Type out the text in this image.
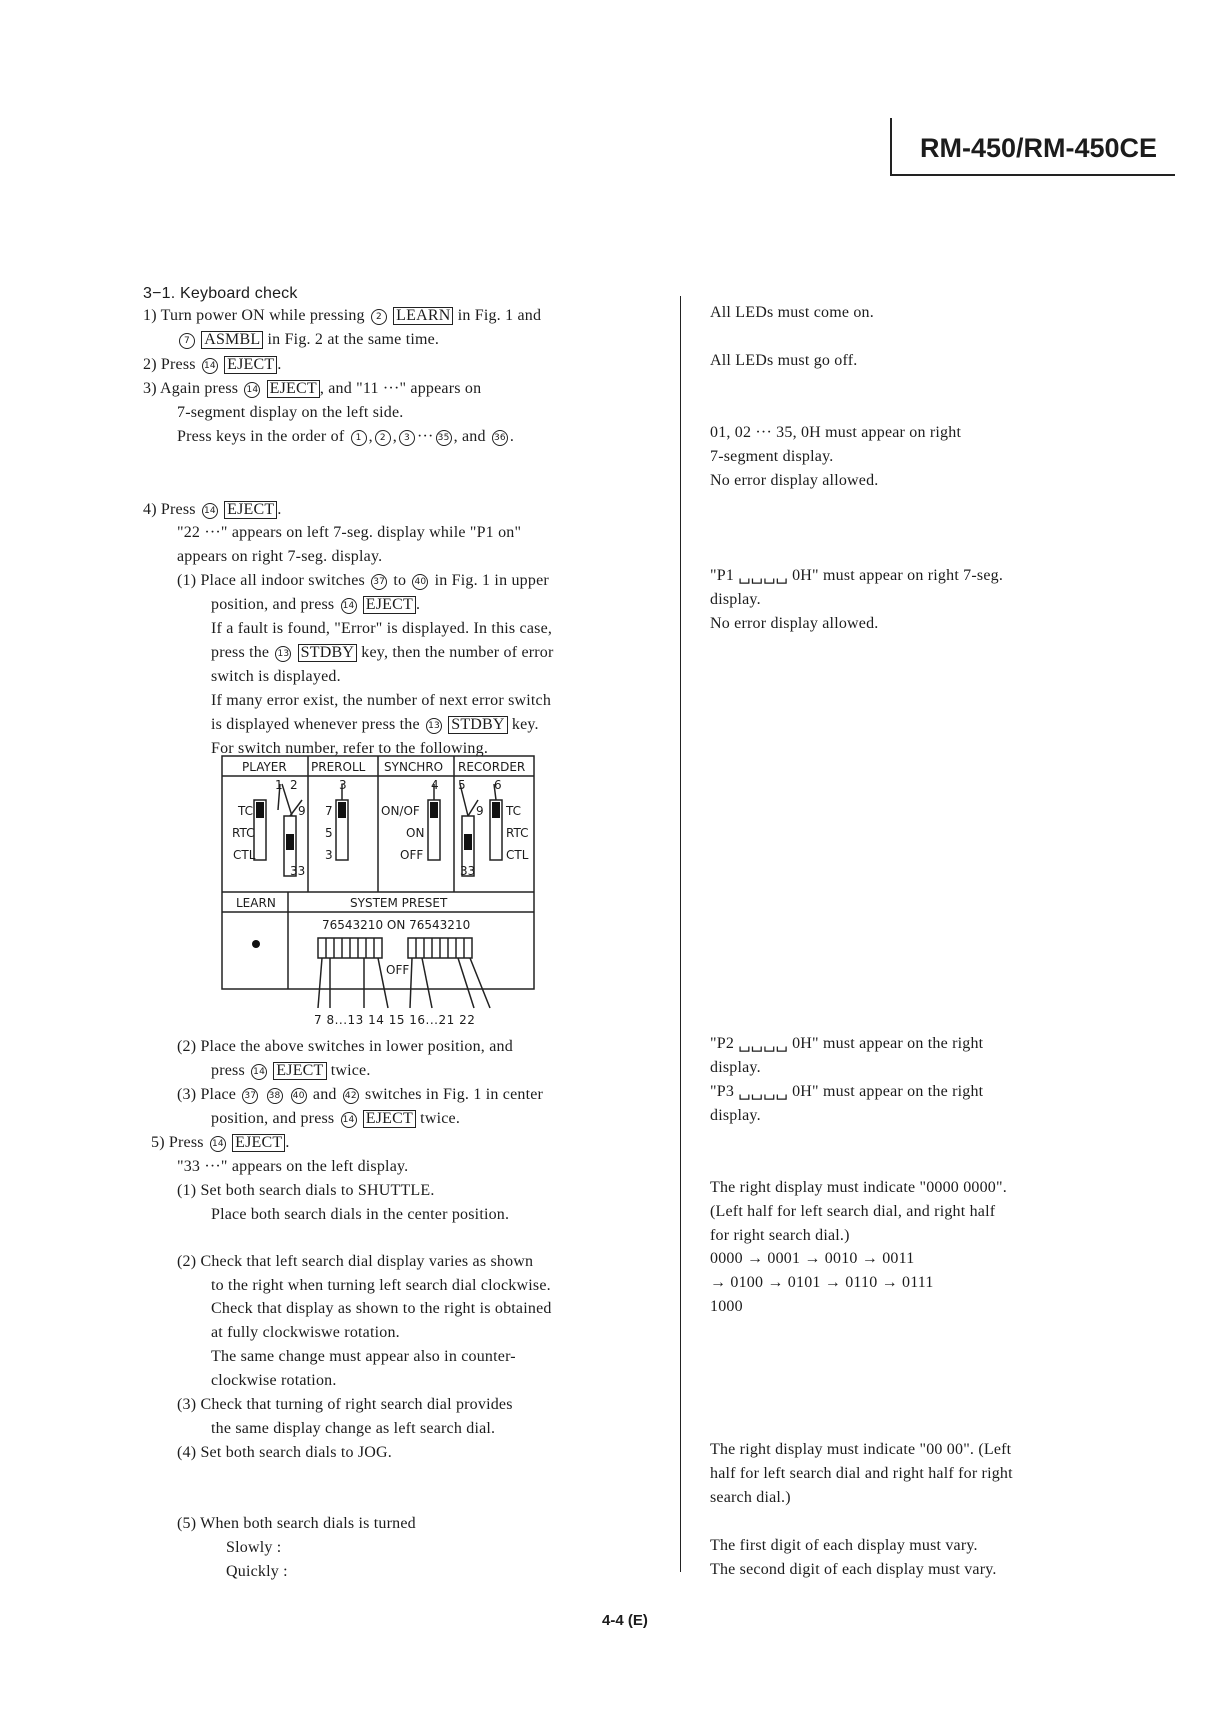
RM-450/RM-450CE
3−1. Keyboard check
1) Turn power ON while pressing 2 LEARN in Fig. 1 and
7 ASMBL in Fig. 2 at the same time.
2) Press 14 EJECT .
3) Again press 14 EJECT , and "11 ···" appears on
7-segment display on the left side.
Press keys in the order of 1 , 2 , 3 ··· 35 , and 36 .
4) Press 14 EJECT .
"22 ···" appears on left 7-seg. display while "P1 on"
appears on right 7-seg. display.
(1) Place all indoor switches 37 to 40 in Fig. 1 in upper
position, and press 14 EJECT .
If a fault is found, "Error" is displayed. In this case,
press the 13 STDBY key, then the number of error
switch is displayed.
If many error exist, the number of next error switch
is displayed whenever press the 13 STDBY key.
For switch number, refer to the following.
PLAYER PREROLL SYNCHRO RECORDER
1 2	3	4 5 6
TC
RTC
CTL
9
33
7
5
3
ON/OF
ON
OFF
9
33
TC
RTC
CTL
LEARN	SYSTEM PRESET
76543210 ON 76543210
OFF
7 8...13 14 15 16...21 22
(2) Place the above switches in lower position, and
press 14 EJECT twice.
(3) Place 37 38 40 and 42 switches in Fig. 1 in center
position, and press 14 EJECT twice.
5) Press 14 EJECT .
"33 ···" appears on the left display.
(1) Set both search dials to SHUTTLE.
Place both search dials in the center position.
(2) Check that left search dial display varies as shown
to the right when turning left search dial clockwise.
Check that display as shown to the right is obtained
at fully clockwiswe rotation.
The same change must appear also in counter-
clockwise rotation.
(3) Check that turning of right search dial provides
the same display change as left search dial.
(4) Set both search dials to JOG.
(5) When both search dials is turned
Slowly :
Quickly :
All LEDs must come on.
All LEDs must go off.
01, 02 ··· 35, 0H must appear on right
7-segment display.
No error display allowed.
"P1 ␣␣␣␣ 0H" must appear on right 7-seg.
display.
No error display allowed.
"P2 ␣␣␣␣ 0H" must appear on the right
display.
"P3 ␣␣␣␣ 0H" must appear on the right
display.
The right display must indicate "0000 0000".
(Left half for left search dial, and right half
for right search dial.)
0000 → 0001 → 0010 → 0011
→ 0100 → 0101 → 0110 → 0111
1000
The right display must indicate "00 00". (Left
half for left search dial and right half for right
search dial.)
The first digit of each display must vary.
The second digit of each display must vary.
4-4 (E)
